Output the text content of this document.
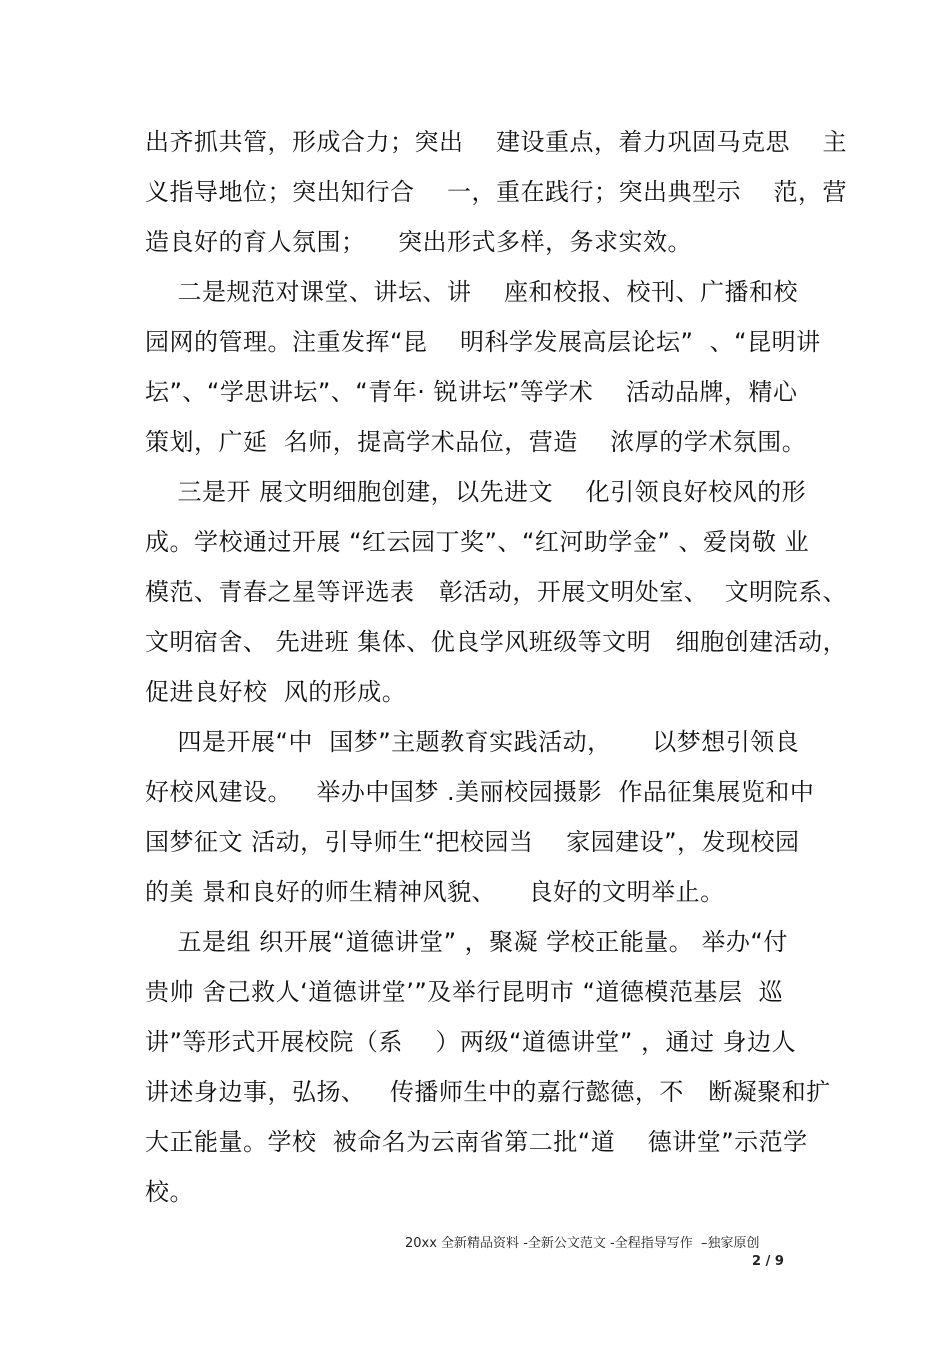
出齐抓共管，形成合力；突出    建设重点，着力巩固马克思    主
义指导地位；突出知行合    一，重在践行；突出典型示    范，营
造良好的育人氛围；    突出形式多样，务求实效。
二是规范对课堂、讲坛、讲    座和校报、校刊、广播和校
园网的管理。注重发挥“昆    明科学发展高层论坛”  、“昆明讲
坛”、“学思讲坛”、“青年· 锐讲坛”等学术    活动品牌，精心
策划，广延  名师，提高学术品位，营造    浓厚的学术氛围。
三是开 展文明细胞创建，以先进文    化引领良好校风的形
成。学校通过开展 “红云园丁奖”、“红河助学金” 、爱岗敬 业
模范、青春之星等评选表   彰活动，开展文明处室、  文明院系、
文明宿舍、 先进班 集体、优良学风班级等文明   细胞创建活动，
促进良好校  风的形成。
四是开展“中  国梦”主题教育实践活动，     以梦想引领良
好校风建设。   举办中国梦 .美丽校园摄影  作品征集展览和中
国梦征文 活动，引导师生“把校园当    家园建设”，发现校园
的美 景和良好的师生精神风貌、    良好的文明举止。
五是组 织开展“道德讲堂” ，聚凝 学校正能量。 举办“付
贵帅 舍己救人‘道德讲堂’”及举行昆明市 “道德模范基层  巡
讲”等形式开展校院（系    ）两级“道德讲堂” ，通过 身边人
讲述身边事，弘扬、   传播师生中的嘉行懿德，不   断凝聚和扩
大正能量。学校  被命名为云南省第二批“道    德讲堂”示范学
校。
20xx 全新精品资料 -全新公文范文 -全程指导写作  –独家原创
2 / 9
